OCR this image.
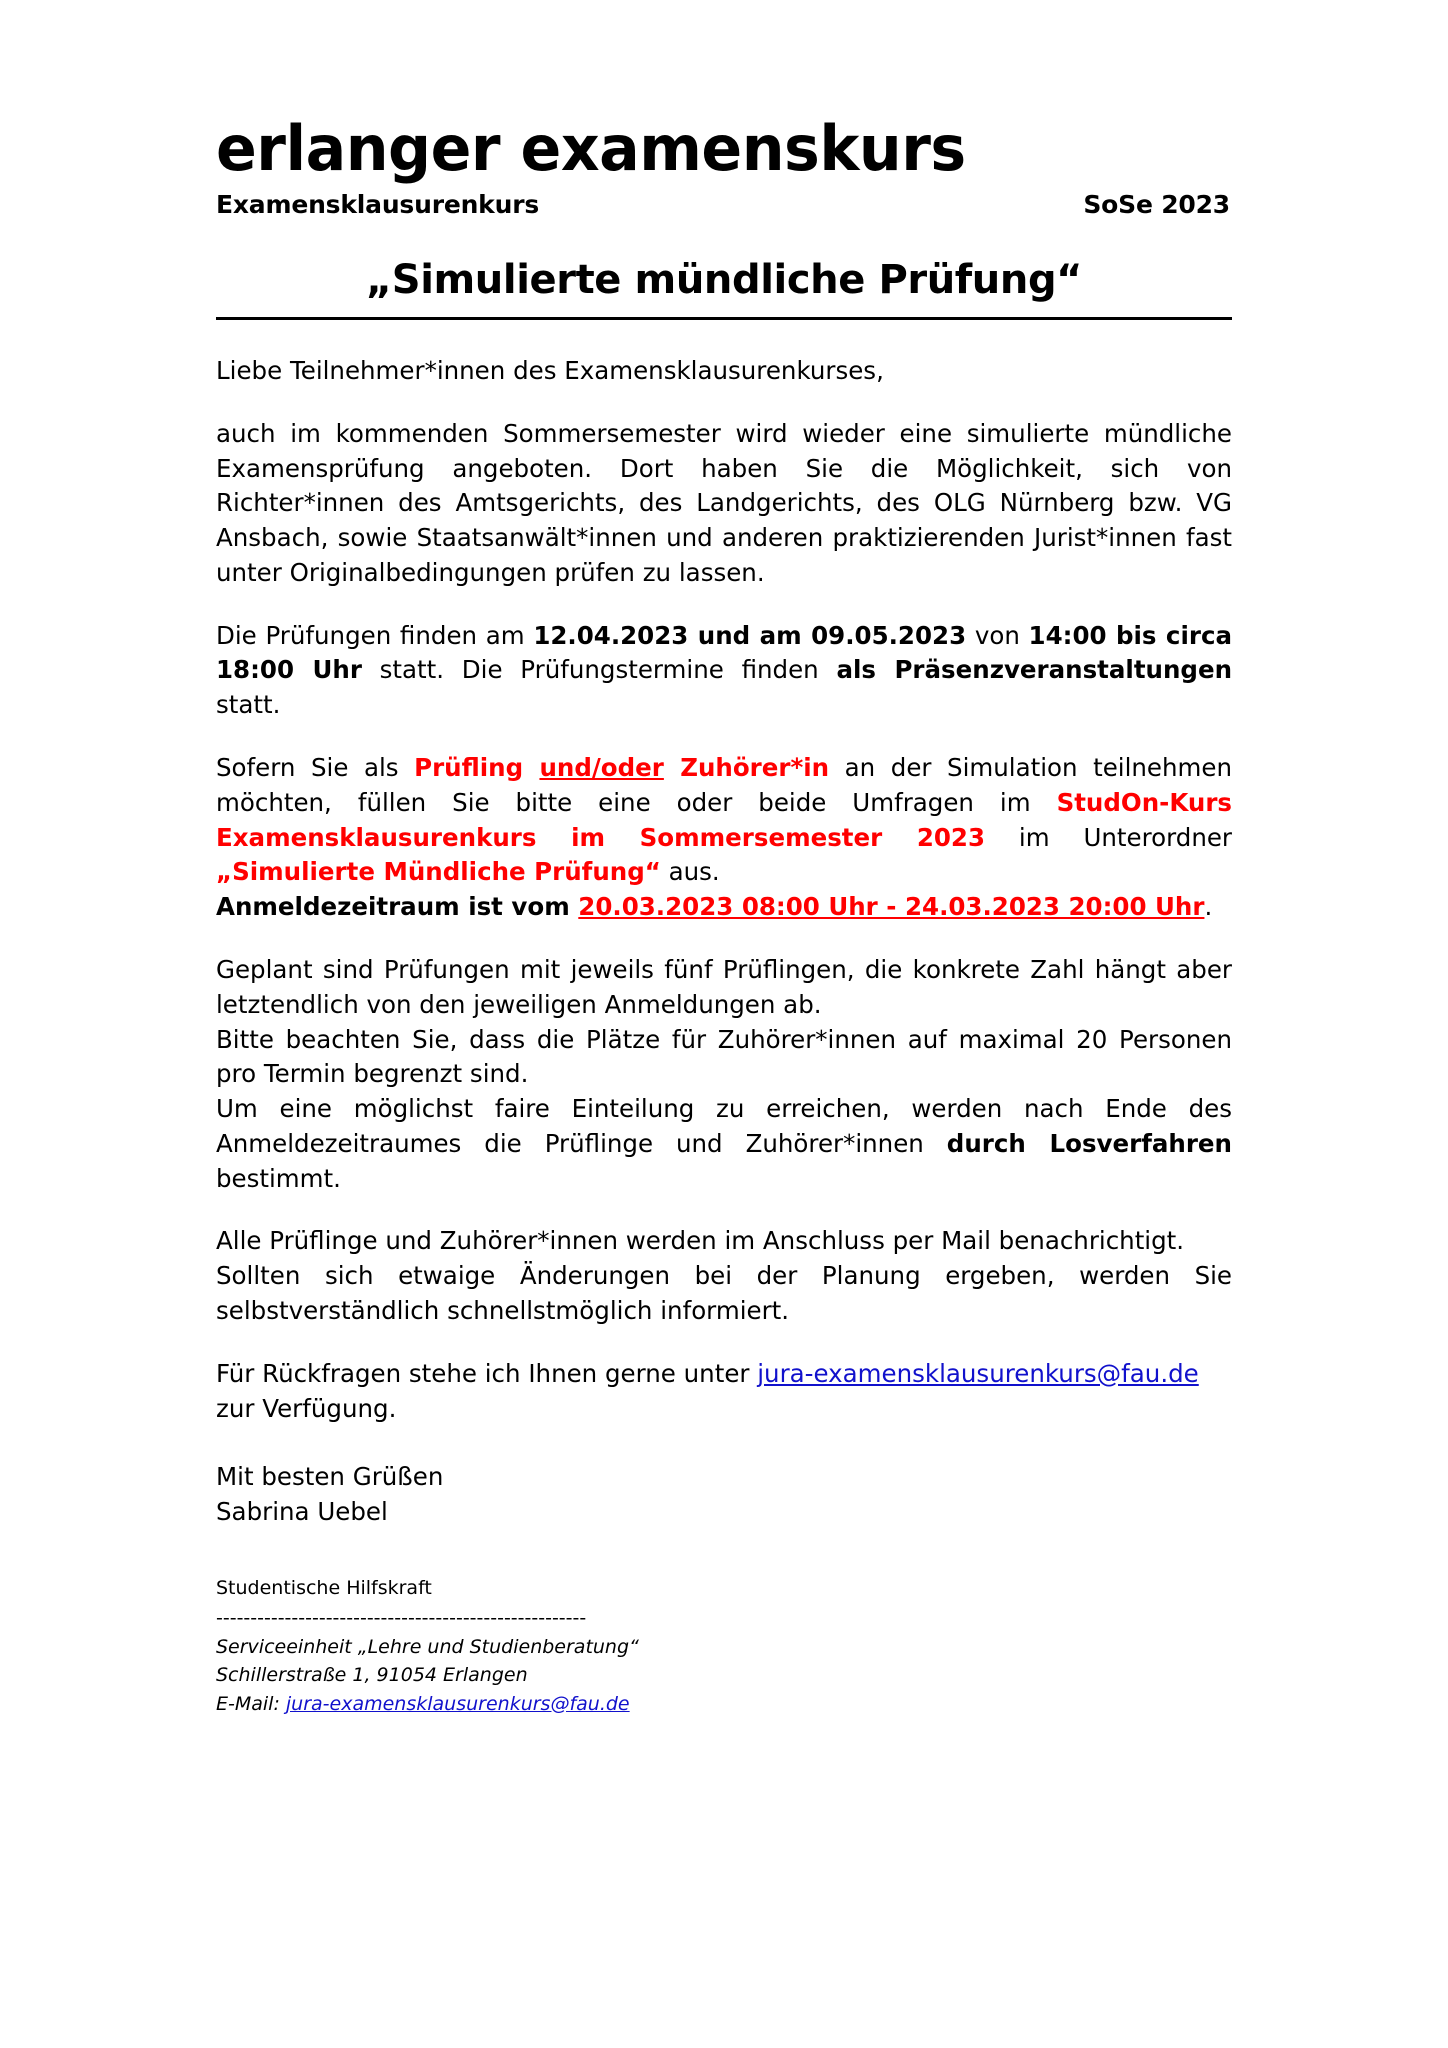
erlanger examenskurs
Examensklausurenkurs	SoSe 2023
„Simulierte mündliche Prüfung“

Liebe Teilnehmer*innen des Examensklausurenkurses,

auch im kommenden Sommersemester wird wieder eine simulierte mündliche Examensprüfung angeboten. Dort haben Sie die Möglichkeit, sich von Richter*innen des Amtsgerichts, des Landgerichts, des OLG Nürnberg bzw. VG Ansbach, sowie Staatsanwält*innen und anderen praktizierenden Jurist*innen fast unter Originalbedingungen prüfen zu lassen.

Die Prüfungen finden am 12.04.2023 und am 09.05.2023 von 14:00 bis circa 18:00 Uhr statt. Die Prüfungstermine finden als Präsenzveranstaltungen statt.

Sofern Sie als Prüfling und/oder Zuhörer*in an der Simulation teilnehmen möchten, füllen Sie bitte eine oder beide Umfragen im StudOn-Kurs Examensklausurenkurs im Sommersemester 2023 im Unterordner „Simulierte Mündliche Prüfung“ aus.

Anmeldezeitraum ist vom 20.03.2023 08:00 Uhr - 24.03.2023 20:00 Uhr.

Geplant sind Prüfungen mit jeweils fünf Prüflingen, die konkrete Zahl hängt aber letztendlich von den jeweiligen Anmeldungen ab.

Bitte beachten Sie, dass die Plätze für Zuhörer*innen auf maximal 20 Personen pro Termin begrenzt sind.

Um eine möglichst faire Einteilung zu erreichen, werden nach Ende des Anmeldezeitraumes die Prüflinge und Zuhörer*innen durch Losverfahren bestimmt.

Alle Prüflinge und Zuhörer*innen werden im Anschluss per Mail benachrichtigt.

Sollten sich etwaige Änderungen bei der Planung ergeben, werden Sie selbstverständlich schnellstmöglich informiert.

Für Rückfragen stehe ich Ihnen gerne unter jura-examensklausurenkurs@fau.de zur Verfügung.

Mit besten Grüßen
Sabrina Uebel
Studentische Hilfskraft
------------------------------------------------------
Serviceeinheit „Lehre und Studienberatung“
Schillerstraße 1, 91054 Erlangen
E-Mail: jura-examensklausurenkurs@fau.de
